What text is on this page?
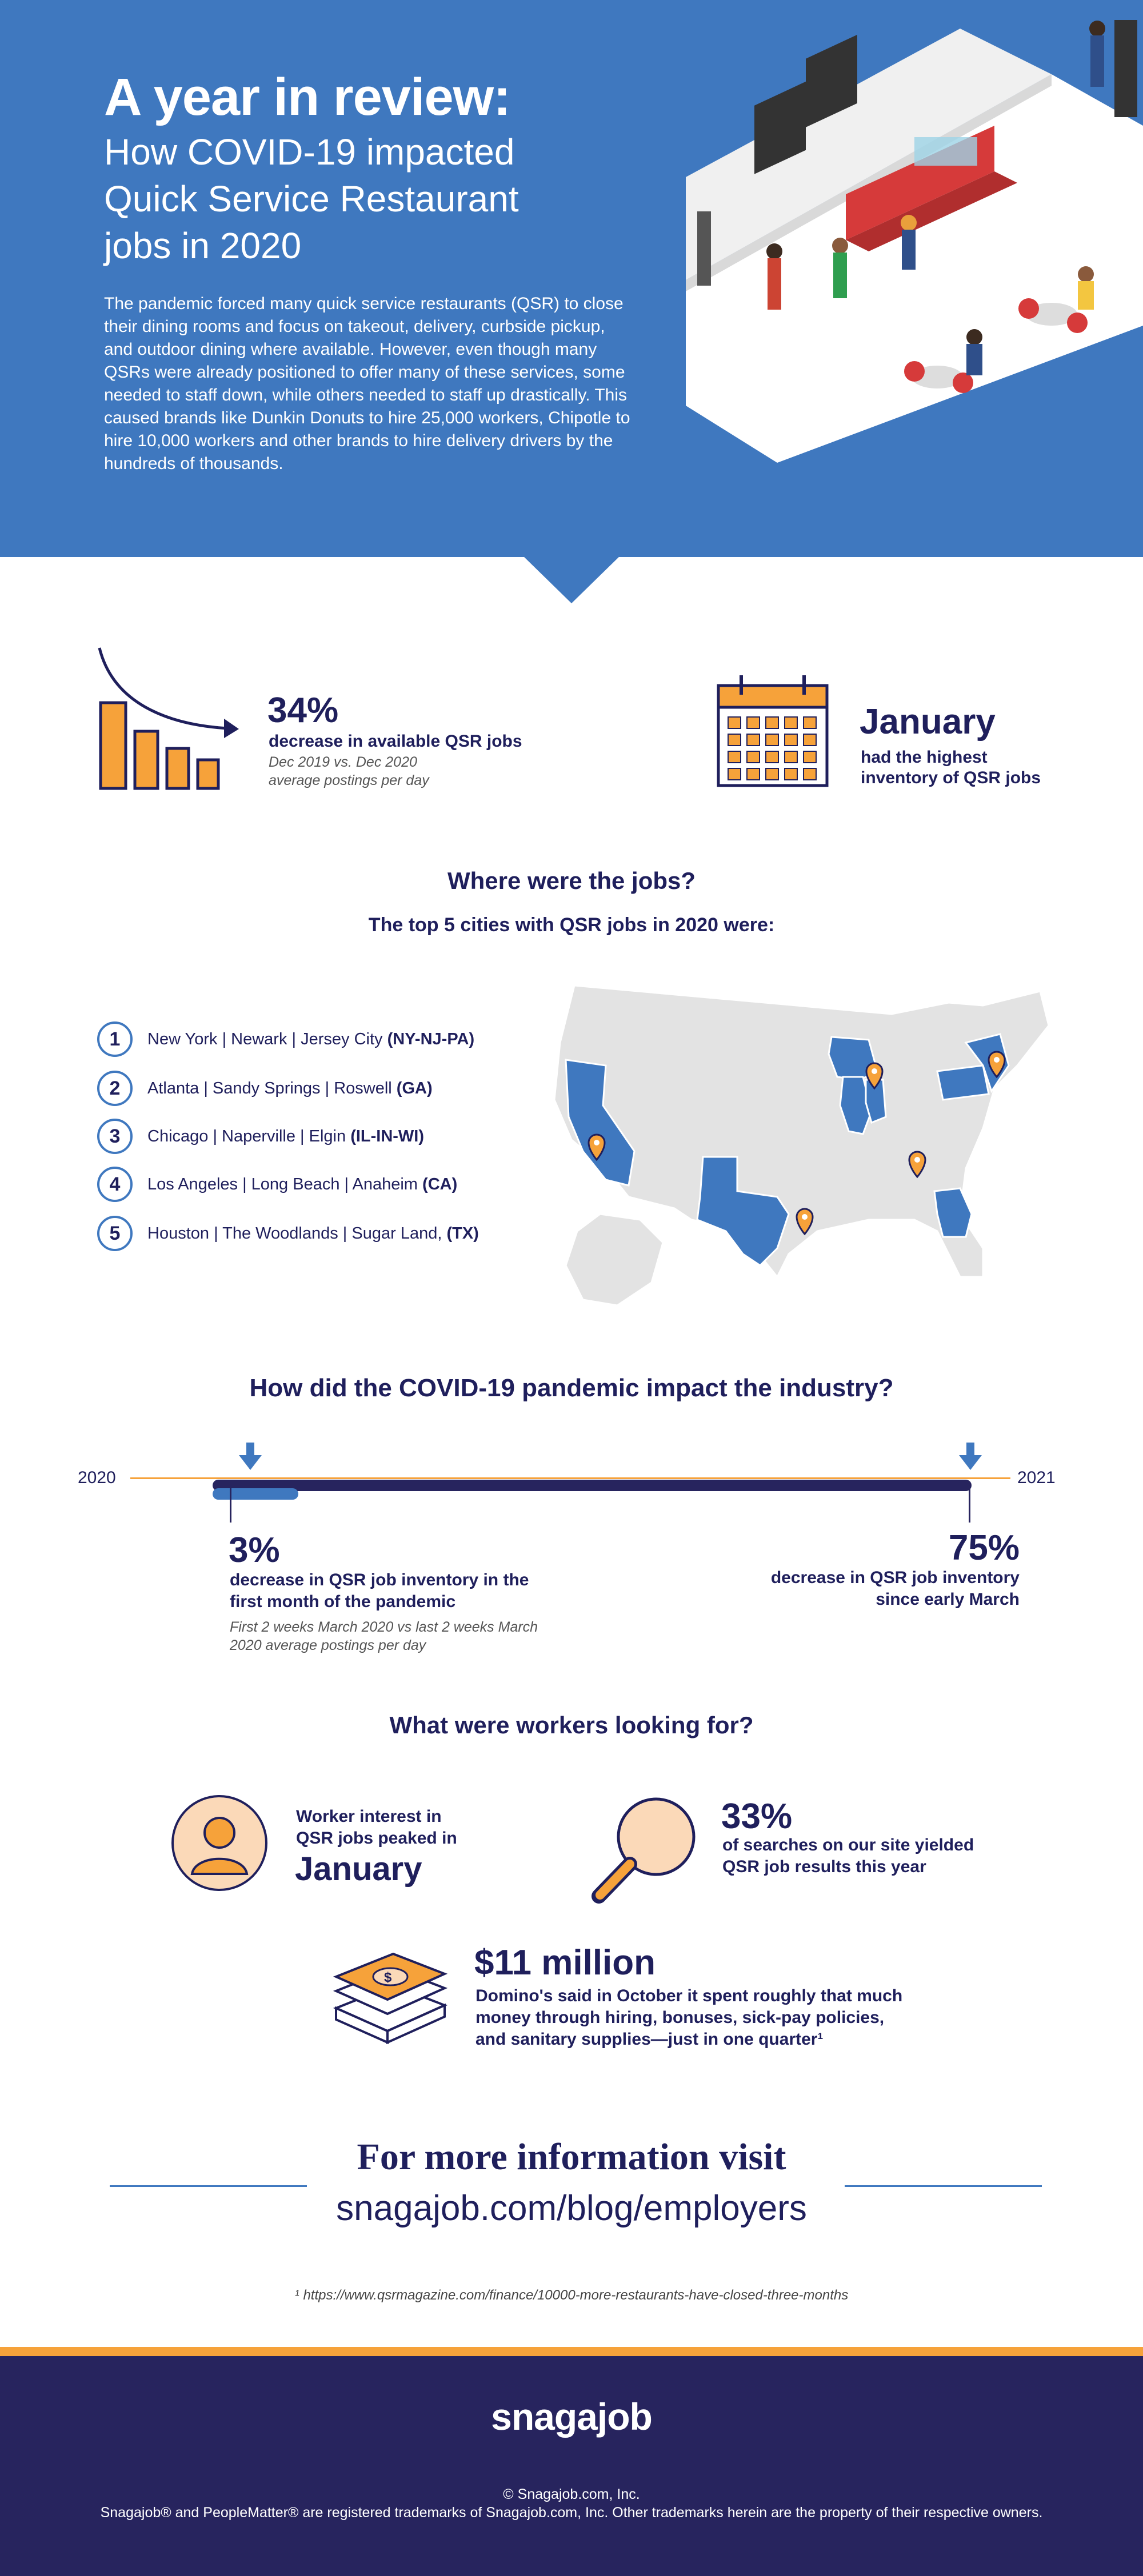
A year in review:
How COVID-19 impacted
Quick Service Restaurant
jobs in 2020
The pandemic forced many quick service restaurants (QSR) to close their dining rooms and focus on takeout, delivery, curbside pickup, and outdoor dining where available. However, even though many QSRs were already positioned to offer many of these services, some needed to staff down, while others needed to staff up drastically. This caused brands like Dunkin Donuts to hire 25,000 workers, Chipotle to hire 10,000 workers and other brands to hire delivery drivers by the hundreds of thousands.
34%
decrease in available QSR jobs
Dec 2019 vs. Dec 2020
average postings per day
January
had the highest
inventory of QSR jobs
Where were the jobs?
The top 5 cities with QSR jobs in 2020 were:
1	New York | Newark | Jersey City (NY-NJ-PA)
2	Atlanta | Sandy Springs | Roswell (GA)
3	Chicago | Naperville | Elgin (IL-IN-WI)
4	Los Angeles | Long Beach | Anaheim (CA)
5	Houston | The Woodlands | Sugar Land, (TX)
How did the COVID-19 pandemic impact the industry?
2020	2021
3%
decrease in QSR job inventory in the
first month of the pandemic
First 2 weeks March 2020 vs last 2 weeks March
2020 average postings per day
75%
decrease in QSR job inventory
since early March
What were workers looking for?
Worker interest in
QSR jobs peaked in
January
33%
of searches on our site yielded
QSR job results this year
$ $11 million
Domino's said in October it spent roughly that much
money through hiring, bonuses, sick-pay policies,
and sanitary supplies—just in one quarter¹
For more information visit
snagajob.com/blog/employers
¹ https://www.qsrmagazine.com/finance/10000-more-restaurants-have-closed-three-months
snagajob
© Snagajob.com, Inc.
Snagajob® and PeopleMatter® are registered trademarks of Snagajob.com, Inc. Other trademarks herein are the property of their respective owners.
